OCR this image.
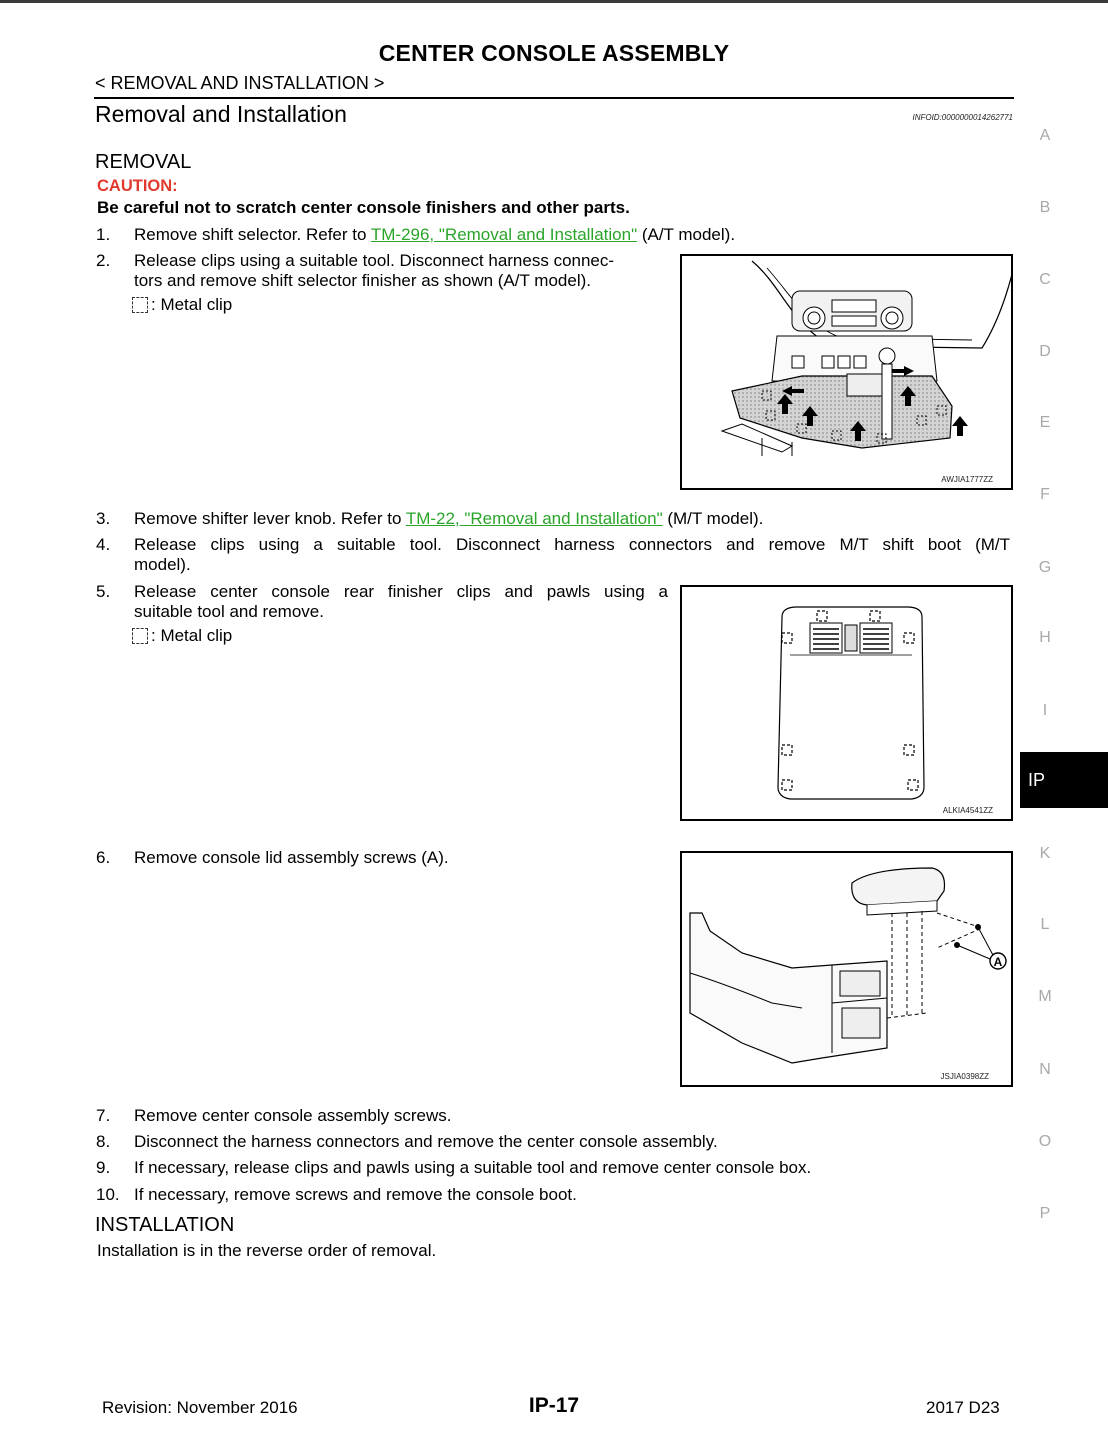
CENTER CONSOLE ASSEMBLY
< REMOVAL AND INSTALLATION >
Removal and Installation	INFOID:0000000014262771
REMOVAL
CAUTION:
Be careful not to scratch center console finishers and other parts.
1. Remove shift selector. Refer to TM-296, "Removal and Installation" (A/T model).
2. Release clips using a suitable tool. Disconnect harness connec-
tors and remove shift selector finisher as shown (A/T model).
: Metal clip
AWJIA1777ZZ
3. Remove shifter lever knob. Refer to TM-22, "Removal and Installation" (M/T model).
4. Release clips using a suitable tool. Disconnect harness connectors and remove M/T shift boot (M/T
model).
5. Release center console rear finisher clips and pawls using a
suitable tool and remove.
: Metal clip
ALKIA4541ZZ
6. Remove console lid assembly screws (A).
A
JSJIA0398ZZ
7. Remove center console assembly screws.
8. Disconnect the harness connectors and remove the center console assembly.
9. If necessary, release clips and pawls using a suitable tool and remove center console box.
10. If necessary, remove screws and remove the console boot.
INSTALLATION
Installation is in the reverse order of removal.
A
B
C
D
E
F
G
H
I
IP
K
L
M
N
O
P
Revision: November 2016	IP-17	2017 D23
